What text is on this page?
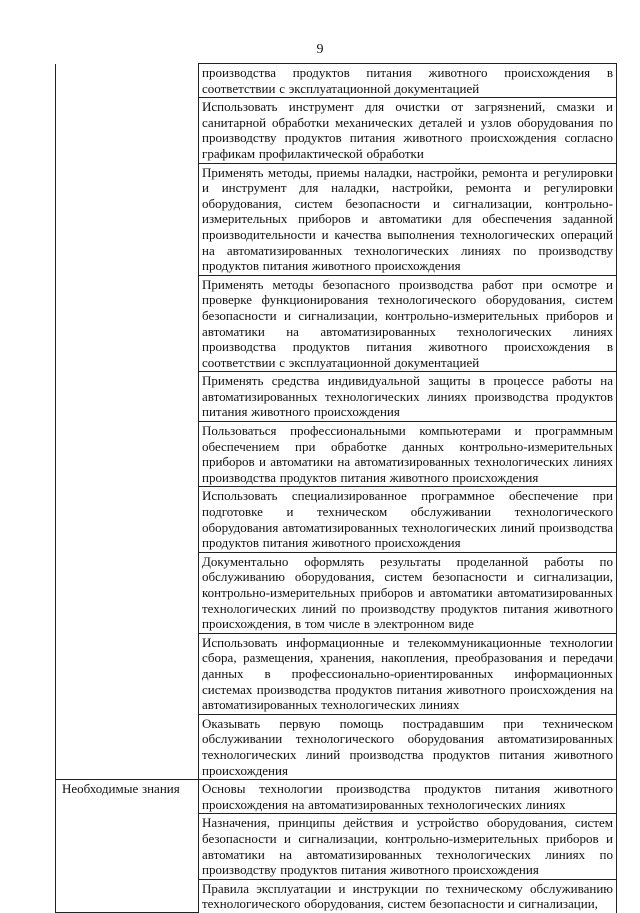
9
	производства продуктов питания животного происхождения в соответствии с эксплуатационной документацией
	Использовать инструмент для очистки от загрязнений, смазки и санитарной обработки механических деталей и узлов оборудования по производству продуктов питания животного происхождения согласно графикам профилактической обработки
	Применять методы, приемы наладки, настройки, ремонта и регулировки и инструмент для наладки, настройки, ремонта и регулировки оборудования, систем безопасности и сигнализации, контрольно-измерительных приборов и автоматики для обеспечения заданной производительности и качества выполнения технологических операций на автоматизированных технологических линиях по производству продуктов питания животного происхождения
	Применять методы безопасного производства работ при осмотре и проверке функционирования технологического оборудования, систем безопасности и сигнализации, контрольно-измерительных приборов и автоматики на автоматизированных технологических линиях производства продуктов питания животного происхождения в соответствии с эксплуатационной документацией
	Применять средства индивидуальной защиты в процессе работы на автоматизированных технологических линиях производства продуктов питания животного происхождения
	Пользоваться профессиональными компьютерами и программным обеспечением при обработке данных контрольно-измерительных приборов и автоматики на автоматизированных технологических линиях производства продуктов питания животного происхождения
	Использовать специализированное программное обеспечение при подготовке и техническом обслуживании технологического оборудования автоматизированных технологических линий производства продуктов питания животного происхождения
	Документально оформлять результаты проделанной работы по обслуживанию оборудования, систем безопасности и сигнализации, контрольно-измерительных приборов и автоматики автоматизированных технологических линий по производству продуктов питания животного происхождения, в том числе в электронном виде
	Использовать информационные и телекоммуникационные технологии сбора, размещения, хранения, накопления, преобразования и передачи данных в профессионально-ориентированных информационных системах производства продуктов питания животного происхождения на автоматизированных технологических линиях
	Оказывать первую помощь пострадавшим при техническом обслуживании технологического оборудования автоматизированных технологических линий производства продуктов питания животного происхождения
Необходимые знания	Основы технологии производства продуктов питания животного происхождения на автоматизированных технологических линиях
	Назначения, принципы действия и устройство оборудования, систем безопасности и сигнализации, контрольно-измерительных приборов и автоматики на автоматизированных технологических линиях по производству продуктов питания животного происхождения
	Правила эксплуатации и инструкции по техническому обслуживанию технологического оборудования, систем безопасности и сигнализации,
